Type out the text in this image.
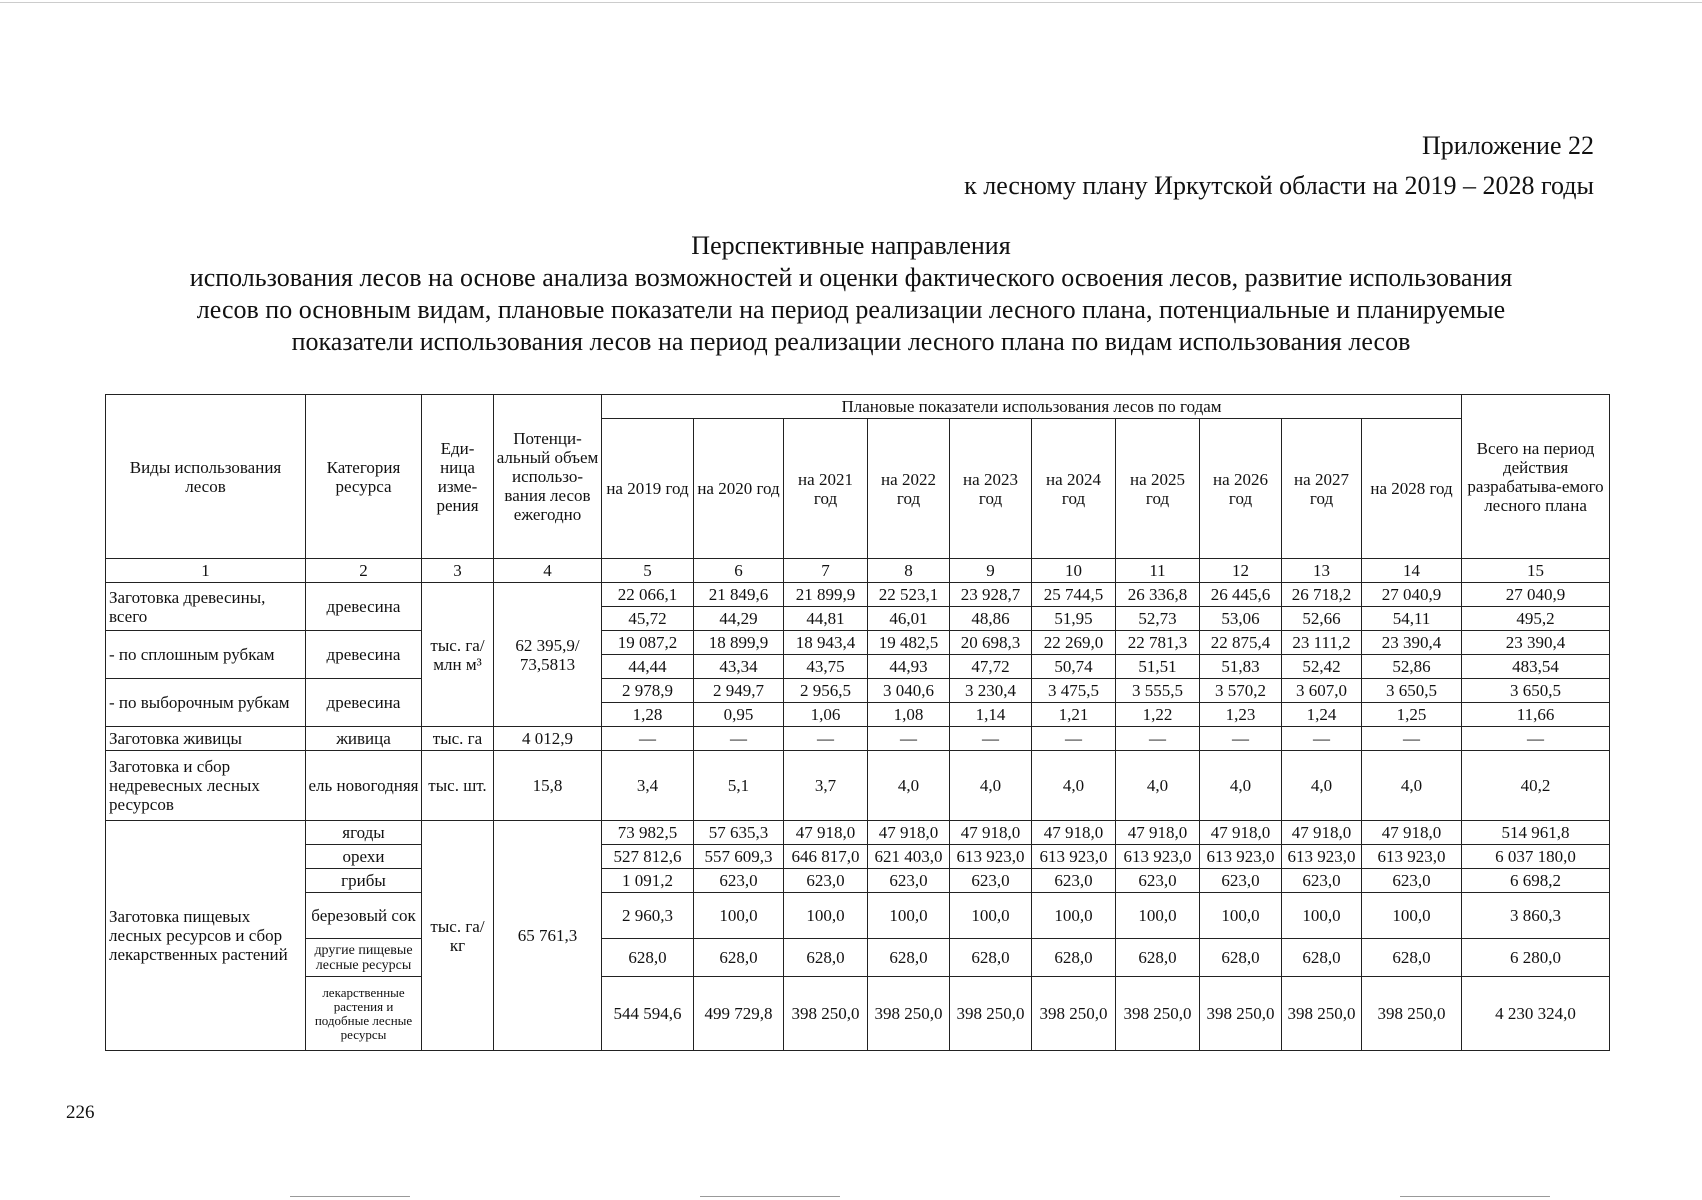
Приложение 22
к лесному плану Иркутской области на 2019 – 2028 годы
Перспективные направления
использования лесов на основе анализа возможностей и оценки фактического освоения лесов, развитие использования
лесов по основным видам, плановые показатели на период реализации лесного плана, потенциальные и планируемые
показатели использования лесов на период реализации лесного плана по видам использования лесов
Виды использования лесов	Категория ресурса	Еди-ница изме-рения	Потенци-альный объем использо-вания лесов ежегодно	Плановые показатели использования лесов по годам										Всего на период действия разрабатыва-емого лесного плана
				на 2019 год	на 2020 год	на 2021 год	на 2022 год	на 2023 год	на 2024 год	на 2025 год	на 2026 год	на 2027 год	на 2028 год	
1	2	3	4	5	6	7	8	9	10	11	12	13	14	15
Заготовка древесины, всего	древесина	тыс. га/ млн м³	62 395,9/ 73,5813	22 066,1	21 849,6	21 899,9	22 523,1	23 928,7	25 744,5	26 336,8	26 445,6	26 718,2	27 040,9	27 040,9
				45,72	44,29	44,81	46,01	48,86	51,95	52,73	53,06	52,66	54,11	495,2
- по сплошным рубкам	древесина			19 087,2	18 899,9	18 943,4	19 482,5	20 698,3	22 269,0	22 781,3	22 875,4	23 111,2	23 390,4	23 390,4
				44,44	43,34	43,75	44,93	47,72	50,74	51,51	51,83	52,42	52,86	483,54
- по выборочным рубкам	древесина			2 978,9	2 949,7	2 956,5	3 040,6	3 230,4	3 475,5	3 555,5	3 570,2	3 607,0	3 650,5	3 650,5
				1,28	0,95	1,06	1,08	1,14	1,21	1,22	1,23	1,24	1,25	11,66
Заготовка живицы	живица	тыс. га	4 012,9	—	—	—	—	—	—	—	—	—	—	—
Заготовка и сбор недревесных лесных ресурсов	ель новогодняя	тыс. шт.	15,8	3,4	5,1	3,7	4,0	4,0	4,0	4,0	4,0	4,0	4,0	40,2
Заготовка пищевых лесных ресурсов и сбор лекарственных растений	ягоды	тыс. га/ кг	65 761,3	73 982,5	57 635,3	47 918,0	47 918,0	47 918,0	47 918,0	47 918,0	47 918,0	47 918,0	47 918,0	514 961,8
	орехи			527 812,6	557 609,3	646 817,0	621 403,0	613 923,0	613 923,0	613 923,0	613 923,0	613 923,0	613 923,0	6 037 180,0
	грибы			1 091,2	623,0	623,0	623,0	623,0	623,0	623,0	623,0	623,0	623,0	6 698,2
	березовый сок			2 960,3	100,0	100,0	100,0	100,0	100,0	100,0	100,0	100,0	100,0	3 860,3
	другие пищевые лесные ресурсы			628,0	628,0	628,0	628,0	628,0	628,0	628,0	628,0	628,0	628,0	6 280,0
	лекарственные растения и подобные лесные ресурсы			544 594,6	499 729,8	398 250,0	398 250,0	398 250,0	398 250,0	398 250,0	398 250,0	398 250,0	398 250,0	4 230 324,0
226
